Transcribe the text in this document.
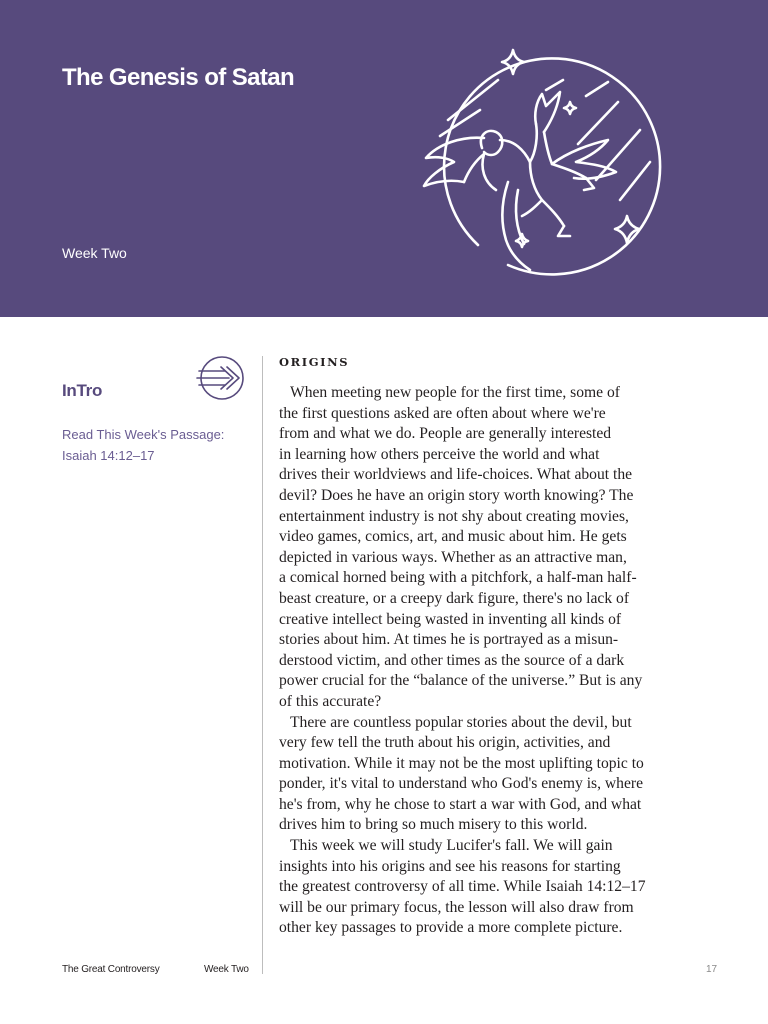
The Genesis of Satan
Week Two
InTro
Read This Week's Passage:
Isaiah 14:12–17
ORIGINS
When meeting new people for the first time, some of
the first questions asked are often about where we're
from and what we do. People are generally interested
in learning how others perceive the world and what
drives their worldviews and life-choices. What about the
devil? Does he have an origin story worth knowing? The
entertainment industry is not shy about creating movies,
video games, comics, art, and music about him. He gets
depicted in various ways. Whether as an attractive man,
a comical horned being with a pitchfork, a half-man half-
beast creature, or a creepy dark figure, there's no lack of
creative intellect being wasted in inventing all kinds of
stories about him. At times he is portrayed as a misun-
derstood victim, and other times as the source of a dark
power crucial for the “balance of the universe.” But is any
of this accurate?
There are countless popular stories about the devil, but
very few tell the truth about his origin, activities, and
motivation. While it may not be the most uplifting topic to
ponder, it's vital to understand who God's enemy is, where
he's from, why he chose to start a war with God, and what
drives him to bring so much misery to this world.
This week we will study Lucifer's fall. We will gain
insights into his origins and see his reasons for starting
the greatest controversy of all time. While Isaiah 14:12–17
will be our primary focus, the lesson will also draw from
other key passages to provide a more complete picture.
The Great Controversy	Week Two	17
